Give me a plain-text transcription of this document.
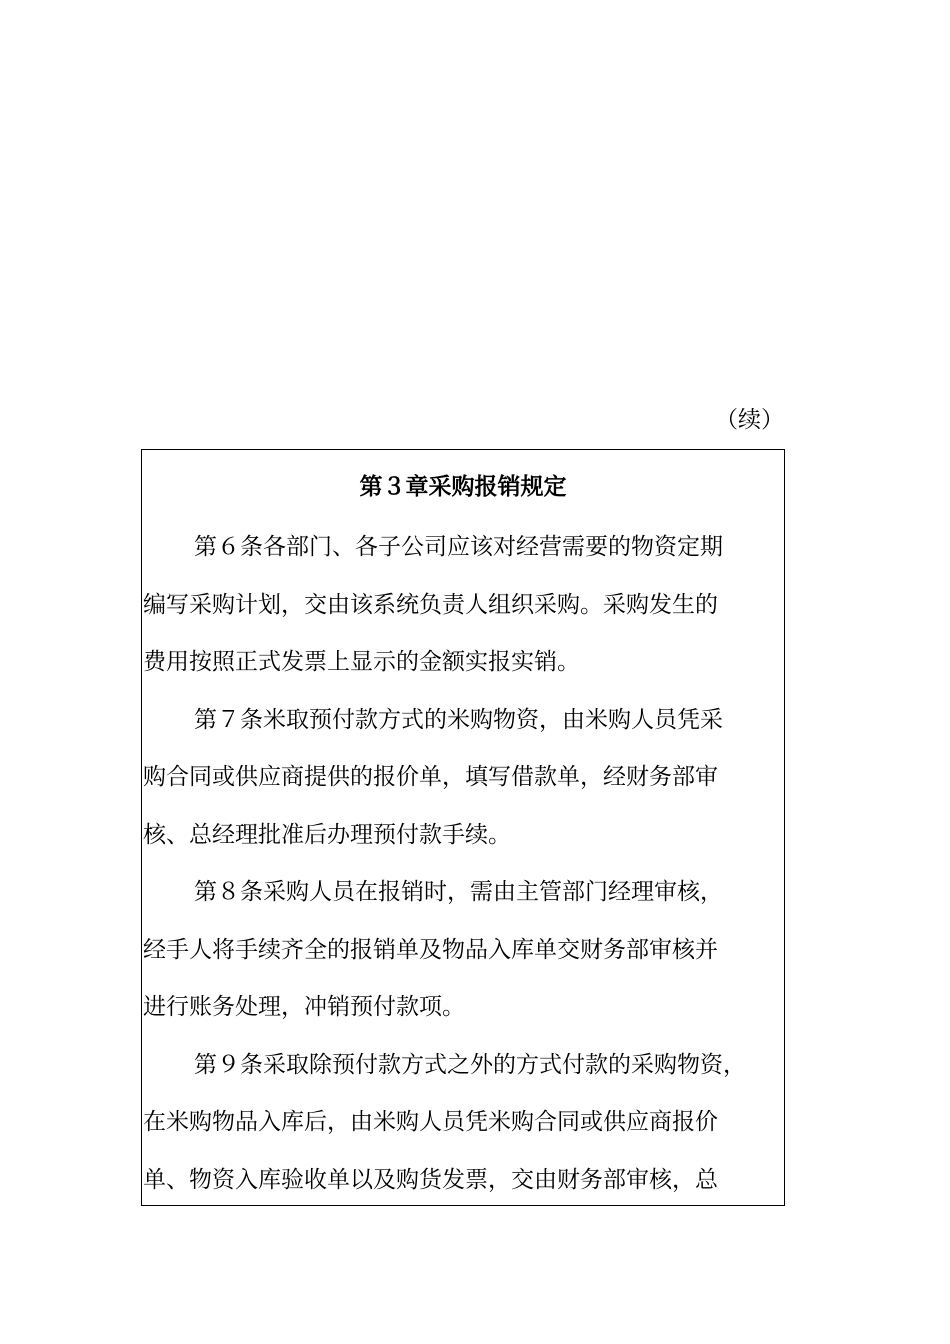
（续）
第３章采购报销规定
第６条各部门、各子公司应该对经营需要的物资定期
编写采购计划，交由该系统负责人组织采购。采购发生的
费用按照正式发票上显示的金额实报实销。
第７条米取预付款方式的米购物资，由米购人员凭采
购合同或供应商提供的报价单，填写借款单，经财务部审
核、总经理批准后办理预付款手续。
第８条采购人员在报销时，需由主管部门经理审核，
经手人将手续齐全的报销单及物品入库单交财务部审核并
进行账务处理，冲销预付款项。
第９条采取除预付款方式之外的方式付款的采购物资，
在米购物品入库后，由米购人员凭米购合同或供应商报价
单、物资入库验收单以及购货发票，交由财务部审核，总
